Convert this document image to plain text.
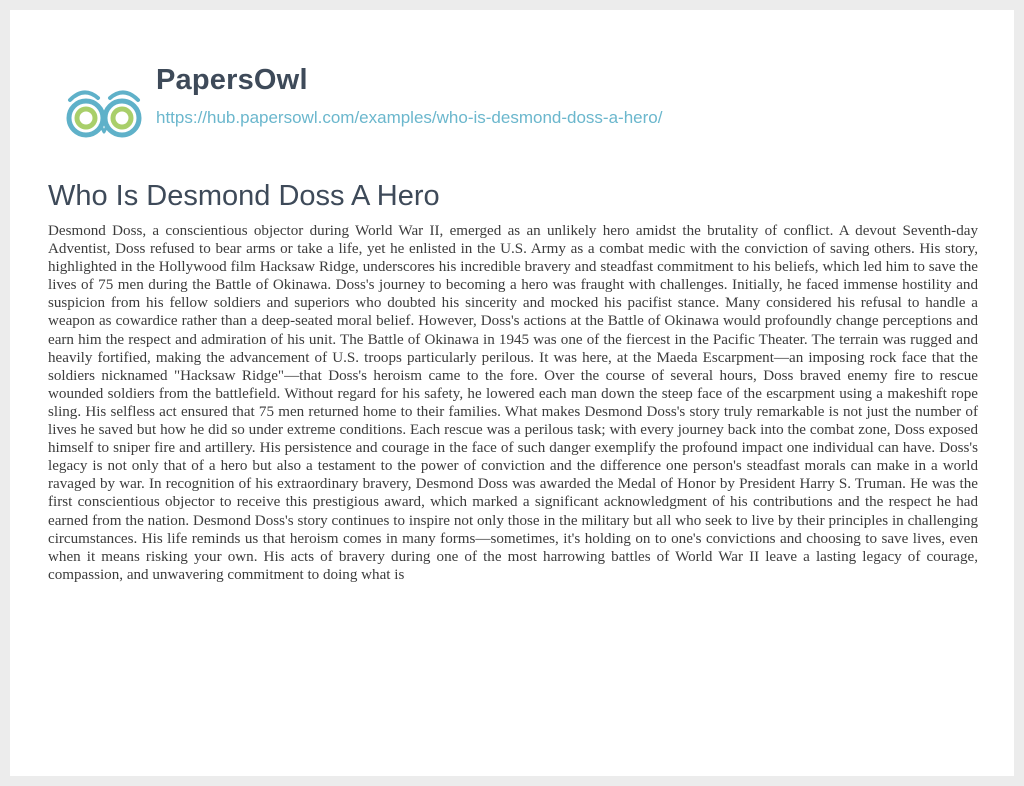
PapersOwl
https://hub.papersowl.com/examples/who-is-desmond-doss-a-hero/
Who Is Desmond Doss A Hero

Desmond Doss, a conscientious objector during World War II, emerged as an unlikely hero amidst the brutality of conflict. A devout Seventh-day Adventist, Doss refused to bear arms or take a life, yet he enlisted in the U.S. Army as a combat medic with the conviction of saving others. His story, highlighted in the Hollywood film Hacksaw Ridge, underscores his incredible bravery and steadfast commitment to his beliefs, which led him to save the lives of 75 men during the Battle of Okinawa. Doss's journey to becoming a hero was fraught with challenges. Initially, he faced immense hostility and suspicion from his fellow soldiers and superiors who doubted his sincerity and mocked his pacifist stance. Many considered his refusal to handle a weapon as cowardice rather than a deep-seated moral belief. However, Doss's actions at the Battle of Okinawa would profoundly change perceptions and earn him the respect and admiration of his unit. The Battle of Okinawa in 1945 was one of the fiercest in the Pacific Theater. The terrain was rugged and heavily fortified, making the advancement of U.S. troops particularly perilous. It was here, at the Maeda Escarpment—an imposing rock face that the soldiers nicknamed "Hacksaw Ridge"—that Doss's heroism came to the fore. Over the course of several hours, Doss braved enemy fire to rescue wounded soldiers from the battlefield. Without regard for his safety, he lowered each man down the steep face of the escarpment using a makeshift rope sling. His selfless act ensured that 75 men returned home to their families. What makes Desmond Doss's story truly remarkable is not just the number of lives he saved but how he did so under extreme conditions. Each rescue was a perilous task; with every journey back into the combat zone, Doss exposed himself to sniper fire and artillery. His persistence and courage in the face of such danger exemplify the profound impact one individual can have. Doss's legacy is not only that of a hero but also a testament to the power of conviction and the difference one person's steadfast morals can make in a world ravaged by war. In recognition of his extraordinary bravery, Desmond Doss was awarded the Medal of Honor by President Harry S. Truman. He was the first conscientious objector to receive this prestigious award, which marked a significant acknowledgment of his contributions and the respect he had earned from the nation. Desmond Doss's story continues to inspire not only those in the military but all who seek to live by their principles in challenging circumstances. His life reminds us that heroism comes in many forms—sometimes, it's holding on to one's convictions and choosing to save lives, even when it means risking your own. His acts of bravery during one of the most harrowing battles of World War II leave a lasting legacy of courage, compassion, and unwavering commitment to doing what is
